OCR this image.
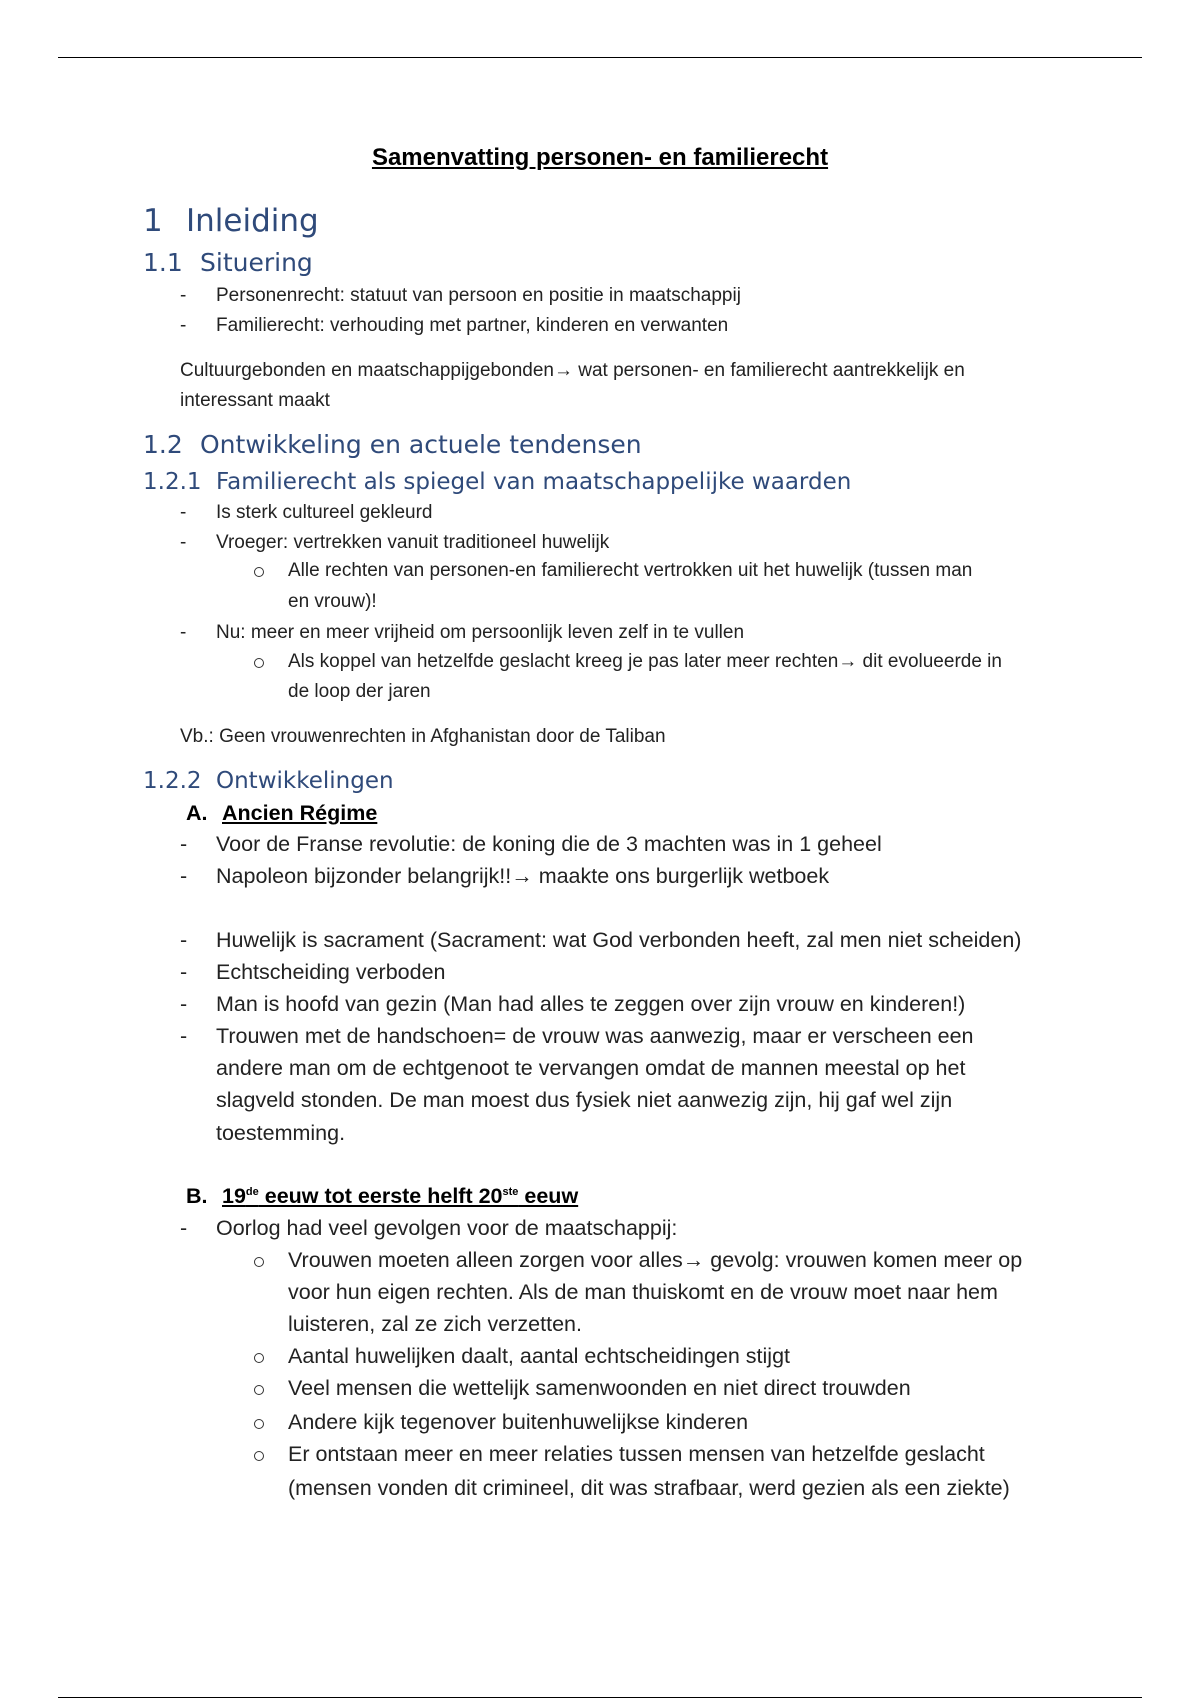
Samenvatting personen- en familierecht
1 Inleiding
1.1 Situering
- Personenrecht: statuut van persoon en positie in maatschappij
- Familierecht: verhouding met partner, kinderen en verwanten
Cultuurgebonden en maatschappijgebonden→ wat personen- en familierecht aantrekkelijk en
interessant maakt
1.2 Ontwikkeling en actuele tendensen
1.2.1 Familierecht als spiegel van maatschappelijke waarden
- Is sterk cultureel gekleurd
- Vroeger: vertrekken vanuit traditioneel huwelijk
Alle rechten van personen-en familierecht vertrokken uit het huwelijk (tussen man
en vrouw)!
- Nu: meer en meer vrijheid om persoonlijk leven zelf in te vullen
Als koppel van hetzelfde geslacht kreeg je pas later meer rechten→ dit evolueerde in
de loop der jaren
Vb.: Geen vrouwenrechten in Afghanistan door de Taliban
1.2.2 Ontwikkelingen
A. Ancien Régime
- Voor de Franse revolutie: de koning die de 3 machten was in 1 geheel
- Napoleon bijzonder belangrijk!!→ maakte ons burgerlijk wetboek
- Huwelijk is sacrament (Sacrament: wat God verbonden heeft, zal men niet scheiden)
- Echtscheiding verboden
- Man is hoofd van gezin (Man had alles te zeggen over zijn vrouw en kinderen!)
- Trouwen met de handschoen= de vrouw was aanwezig, maar er verscheen een
andere man om de echtgenoot te vervangen omdat de mannen meestal op het
slagveld stonden. De man moest dus fysiek niet aanwezig zijn, hij gaf wel zijn
toestemming.
B. 19de eeuw tot eerste helft 20ste eeuw
- Oorlog had veel gevolgen voor de maatschappij:
Vrouwen moeten alleen zorgen voor alles→ gevolg: vrouwen komen meer op
voor hun eigen rechten. Als de man thuiskomt en de vrouw moet naar hem
luisteren, zal ze zich verzetten.
Aantal huwelijken daalt, aantal echtscheidingen stijgt
Veel mensen die wettelijk samenwoonden en niet direct trouwden
Andere kijk tegenover buitenhuwelijkse kinderen
Er ontstaan meer en meer relaties tussen mensen van hetzelfde geslacht
(mensen vonden dit crimineel, dit was strafbaar, werd gezien als een ziekte)
